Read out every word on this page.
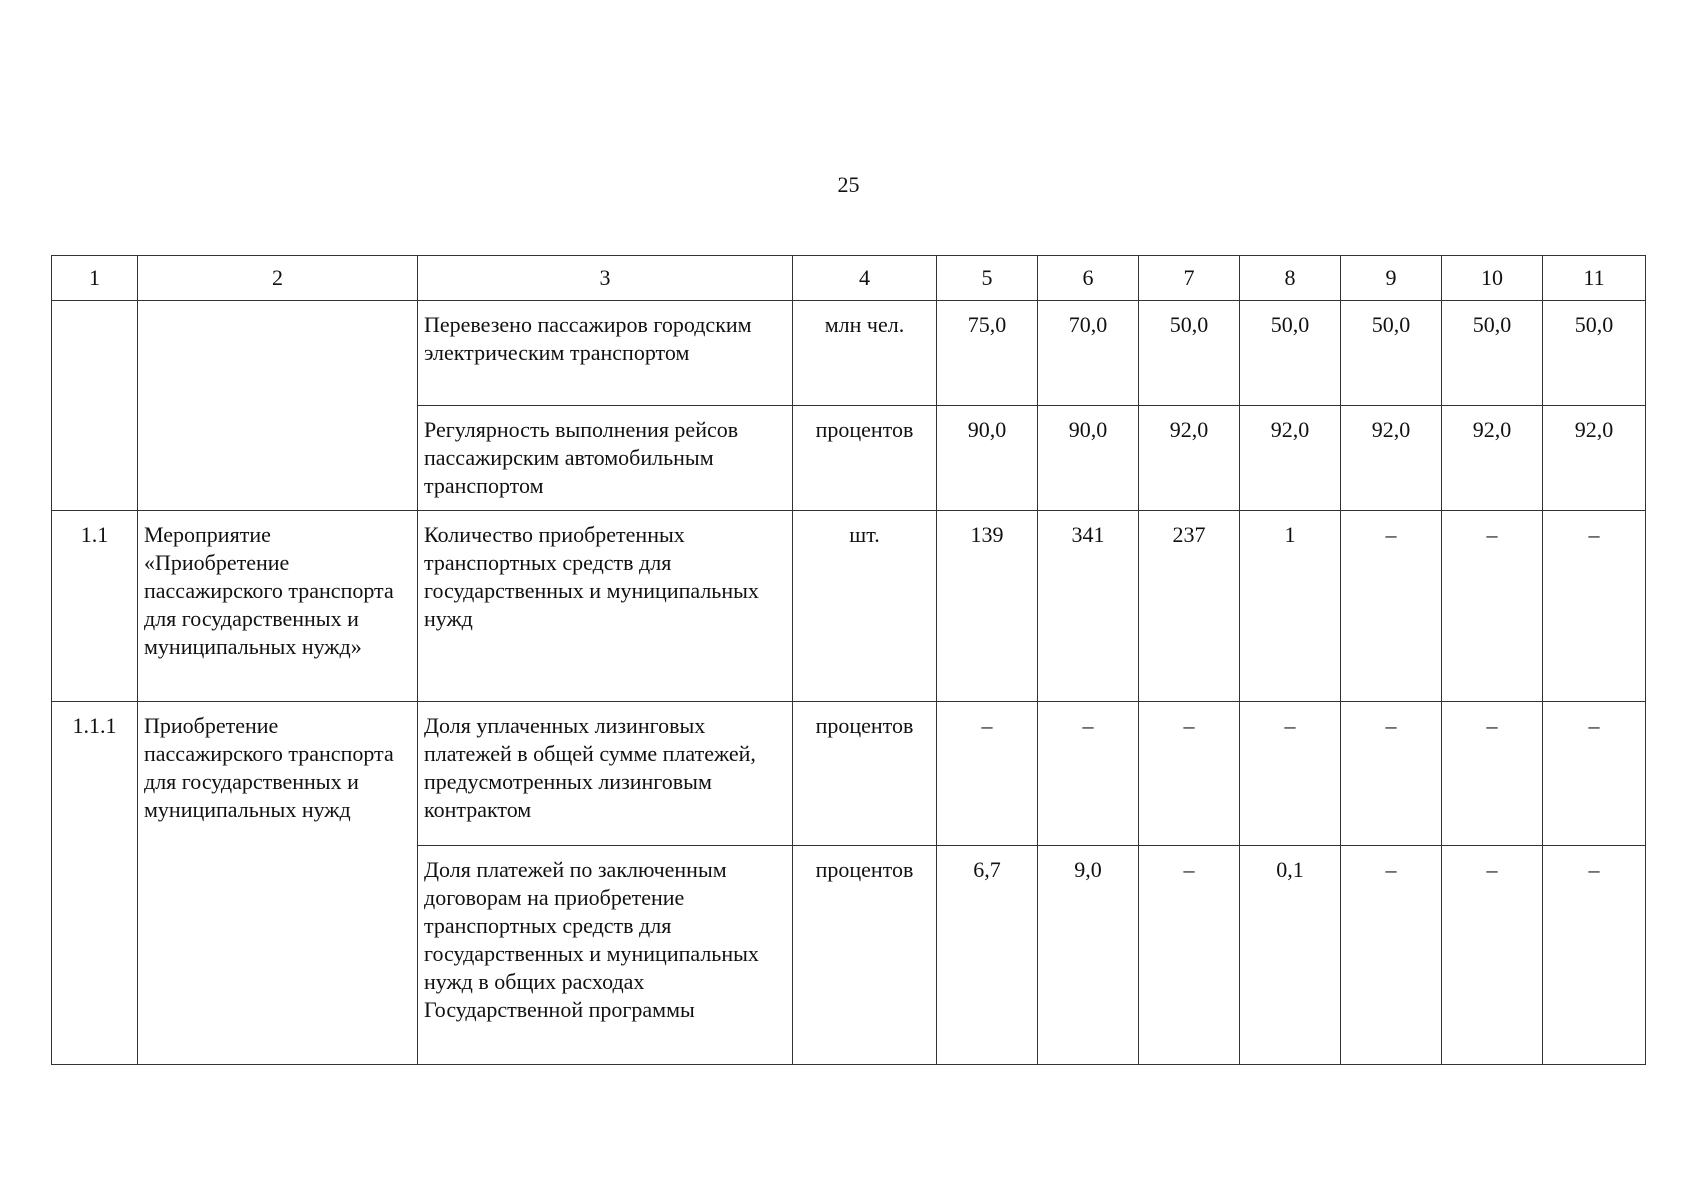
25
1	2	3	4	5	6	7	8	9	10	11
		Перевезено пассажиров городским электрическим транспортом	млн чел.	75,0	70,0	50,0	50,0	50,0	50,0	50,0
		Регулярность выполнения рейсов пассажирским автомобильным транспортом	процентов	90,0	90,0	92,0	92,0	92,0	92,0	92,0
1.1	Мероприятие «Приобретение пассажирского транспорта для государственных и муниципальных нужд»	Количество приобретенных транспортных средств для государственных и муниципальных нужд	шт.	139	341	237	1	–	–	–
1.1.1	Приобретение пассажирского транспорта для государственных и муниципальных нужд	Доля уплаченных лизинговых платежей в общей сумме платежей, предусмотренных лизинговым контрактом	процентов	–	–	–	–	–	–	–
		Доля платежей по заключенным договорам на приобретение транспортных средств для государственных и муниципальных нужд в общих расходах Государственной программы	процентов	6,7	9,0	–	0,1	–	–	–
